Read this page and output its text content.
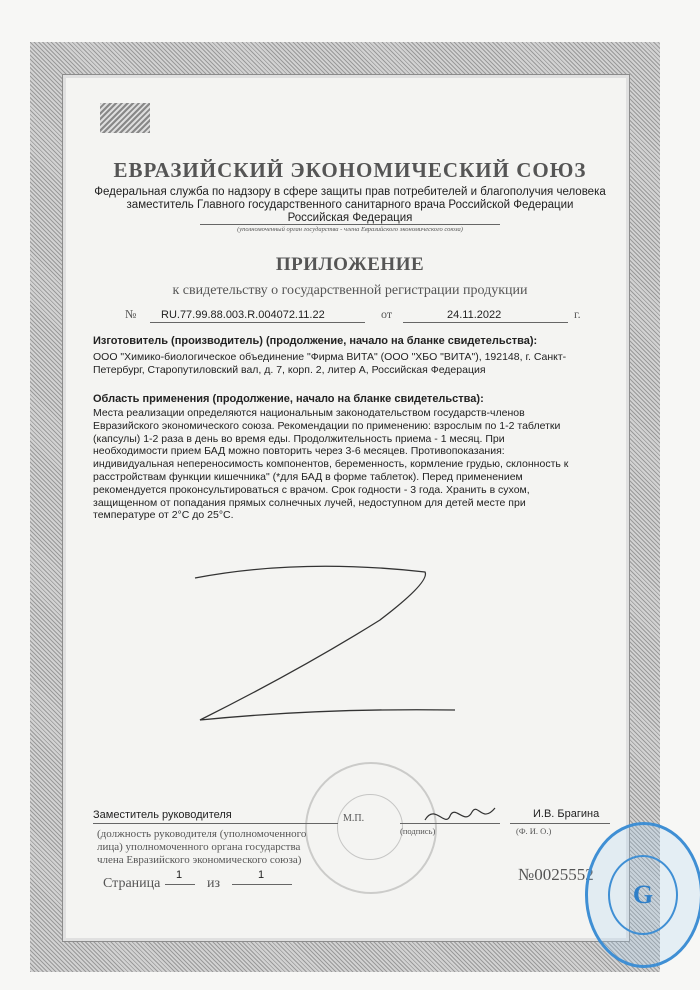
ЕВРАЗИЙСКИЙ ЭКОНОМИЧЕСКИЙ СОЮЗ
Федеральная служба по надзору в сфере защиты прав потребителей и благополучия человека
заместитель Главного государственного санитарного врача Российской Федерации
Российская Федерация
(уполномоченный орган государства - члена Евразийского экономического союза)
ПРИЛОЖЕНИЕ
к свидетельству о государственной регистрации продукции
№ RU.77.99.88.003.R.004072.11.22	от	24.11.2022	г.
Изготовитель (производитель) (продолжение, начало на бланке свидетельства):
ООО "Химико-биологическое объединение "Фирма ВИТА" (ООО "ХБО "ВИТА"), 192148, г. Санкт-
Петербург, Старопутиловский вал, д. 7, корп. 2, литер А, Российская Федерация
Область применения (продолжение, начало на бланке свидетельства):
Места реализации определяются национальным законодательством государств-членов
Евразийского экономического союза. Рекомендации по применению: взрослым по 1-2 таблетки
(капсулы) 1-2 раза в день во время еды. Продолжительность приема - 1 месяц. При
необходимости прием БАД можно повторить через 3-6 месяцев. Противопоказания:
индивидуальная непереносимость компонентов, беременность, кормление грудью, склонность к
расстройствам функции кишечника" (*для БАД в форме таблеток). Перед применением
рекомендуется проконсультироваться с врачом. Срок годности - 3 года. Хранить в сухом,
защищенном от попадания прямых солнечных лучей, недоступном для детей месте при
температуре от 2°С до 25°С.
Заместитель руководителя	М.П.
(подпись)
И.В. Брагина
(Ф. И. О.)
(должность руководителя (уполномоченного
лица) уполномоченного органа государства
члена Евразийского экономического союза)
Страница
1
из
1	№0025552
G
